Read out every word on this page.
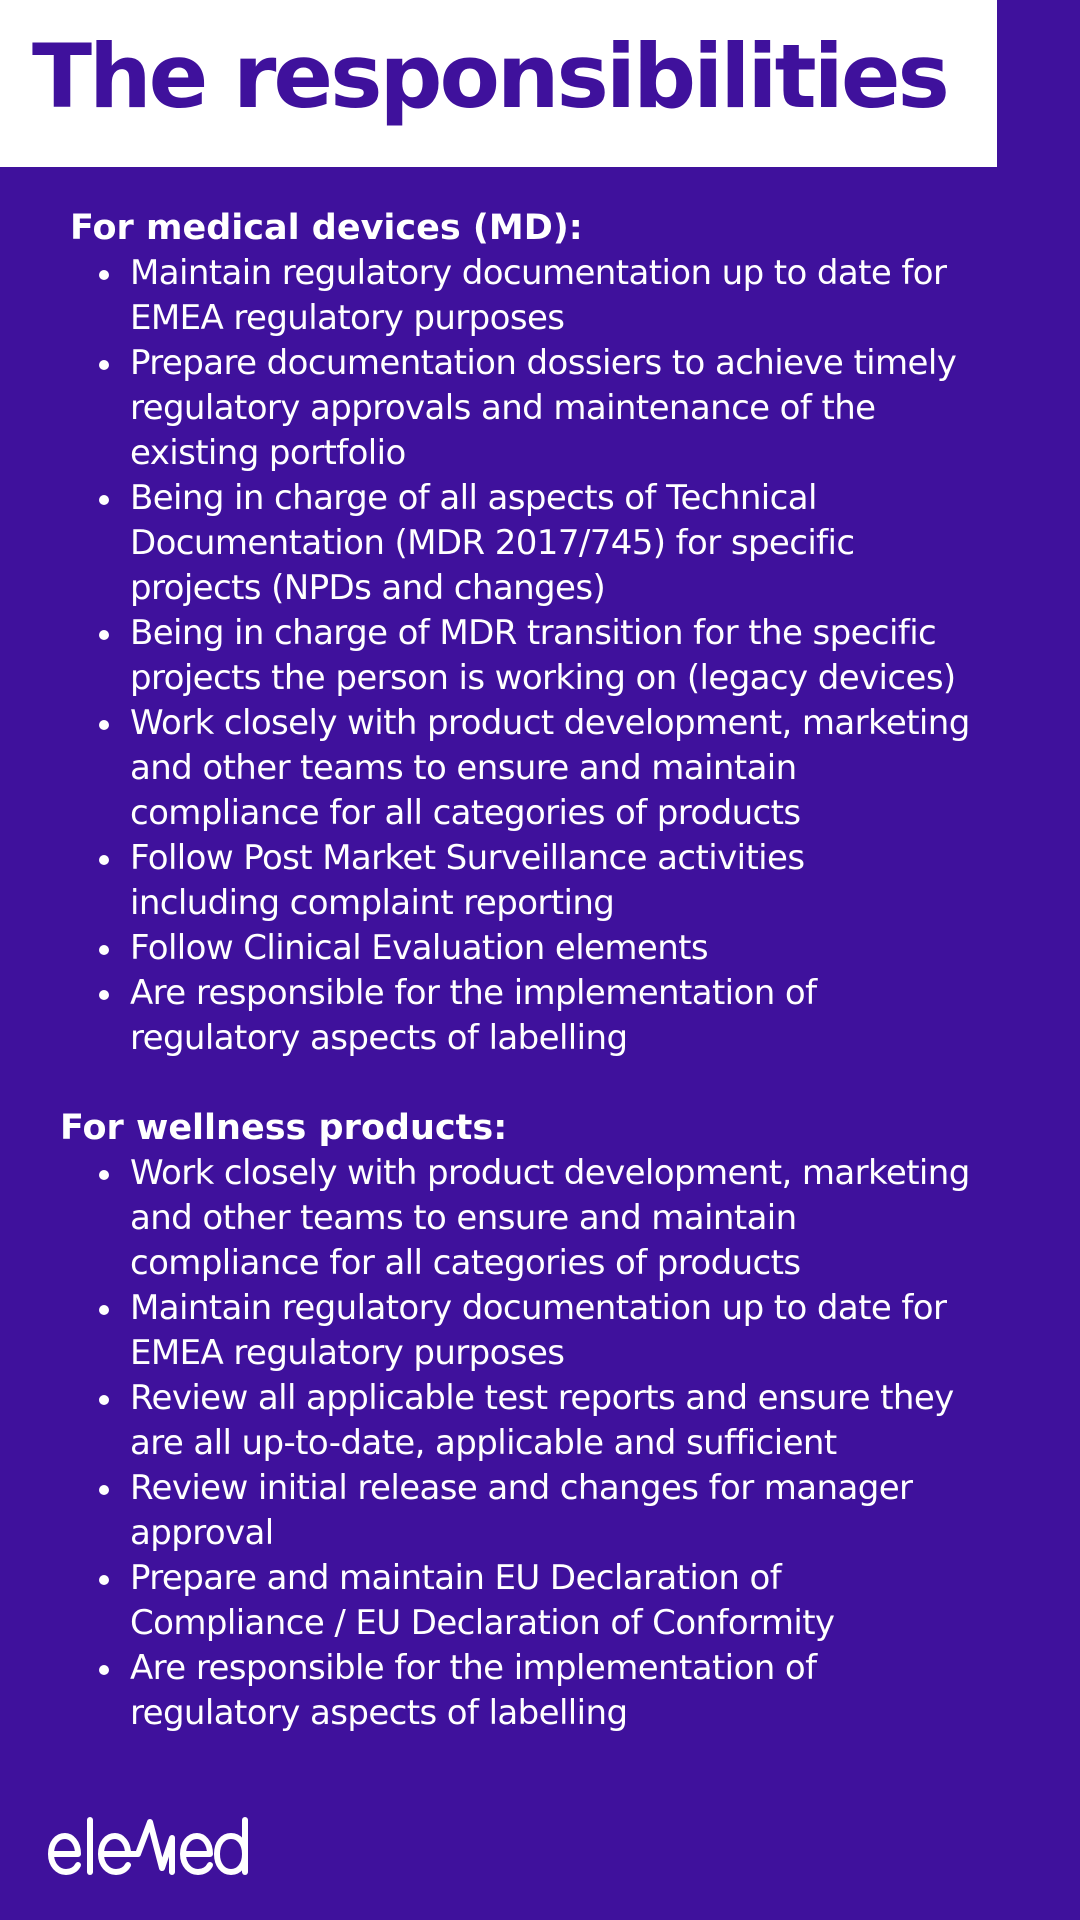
The responsibilities
For medical devices (MD):
Maintain regulatory documentation up to date for
EMEA regulatory purposes
Prepare documentation dossiers to achieve timely
regulatory approvals and maintenance of the
existing portfolio
Being in charge of all aspects of Technical
Documentation (MDR 2017/745) for specific
projects (NPDs and changes)
Being in charge of MDR transition for the specific
projects the person is working on (legacy devices)
Work closely with product development, marketing
and other teams to ensure and maintain
compliance for all categories of products
Follow Post Market Surveillance activities
including complaint reporting
Follow Clinical Evaluation elements
Are responsible for the implementation of
regulatory aspects of labelling
For wellness products:
Work closely with product development, marketing
and other teams to ensure and maintain
compliance for all categories of products
Maintain regulatory documentation up to date for
EMEA regulatory purposes
Review all applicable test reports and ensure they
are all up-to-date, applicable and sufficient
Review initial release and changes for manager
approval
Prepare and maintain EU Declaration of
Compliance / EU Declaration of Conformity
Are responsible for the implementation of
regulatory aspects of labelling
